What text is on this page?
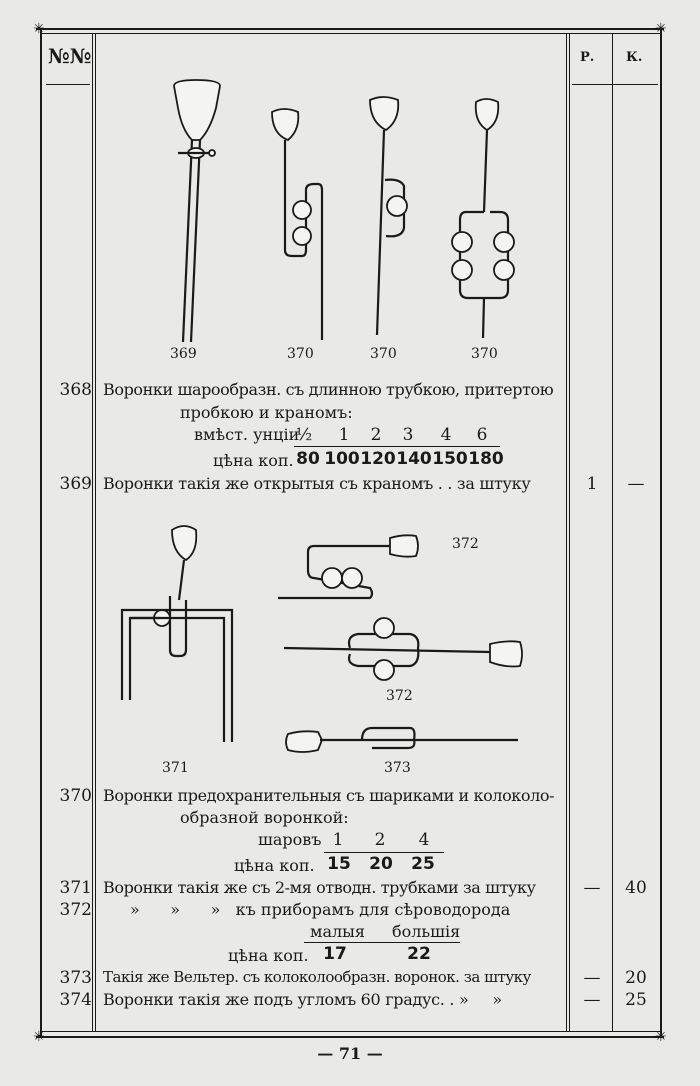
✳	✳
✳	✳
№№	Р. К.
369	370	370	370
372
372
371	373
368 Воронки шарообразн. съ длинною трубкою, притертою
пробкою и краномъ:
вмѣст. унціи
½ 1 2 3 4 6
цѣна коп. 80 100 120 140 150 180
369 Воронки такія же открытыя съ краномъ . . за штуку	1	—
370 Воронки предохранительныя съ шариками и колоколо-
образной воронкой:
шаровъ 1 2 4
цѣна коп. 15 20 25
371 Воронки такія же съ 2-мя отводн. трубками за штуку	—	40
372 »      »      »   къ приборамъ для сѣроводорода
малыя большія
цѣна коп. 17	22
373 Такія же Вельтер. съ колоколообразн. воронок. за штуку	—	20
374 Воронки такія же подъ угломъ 60 градус. . »     »	—	25
— 71 —
